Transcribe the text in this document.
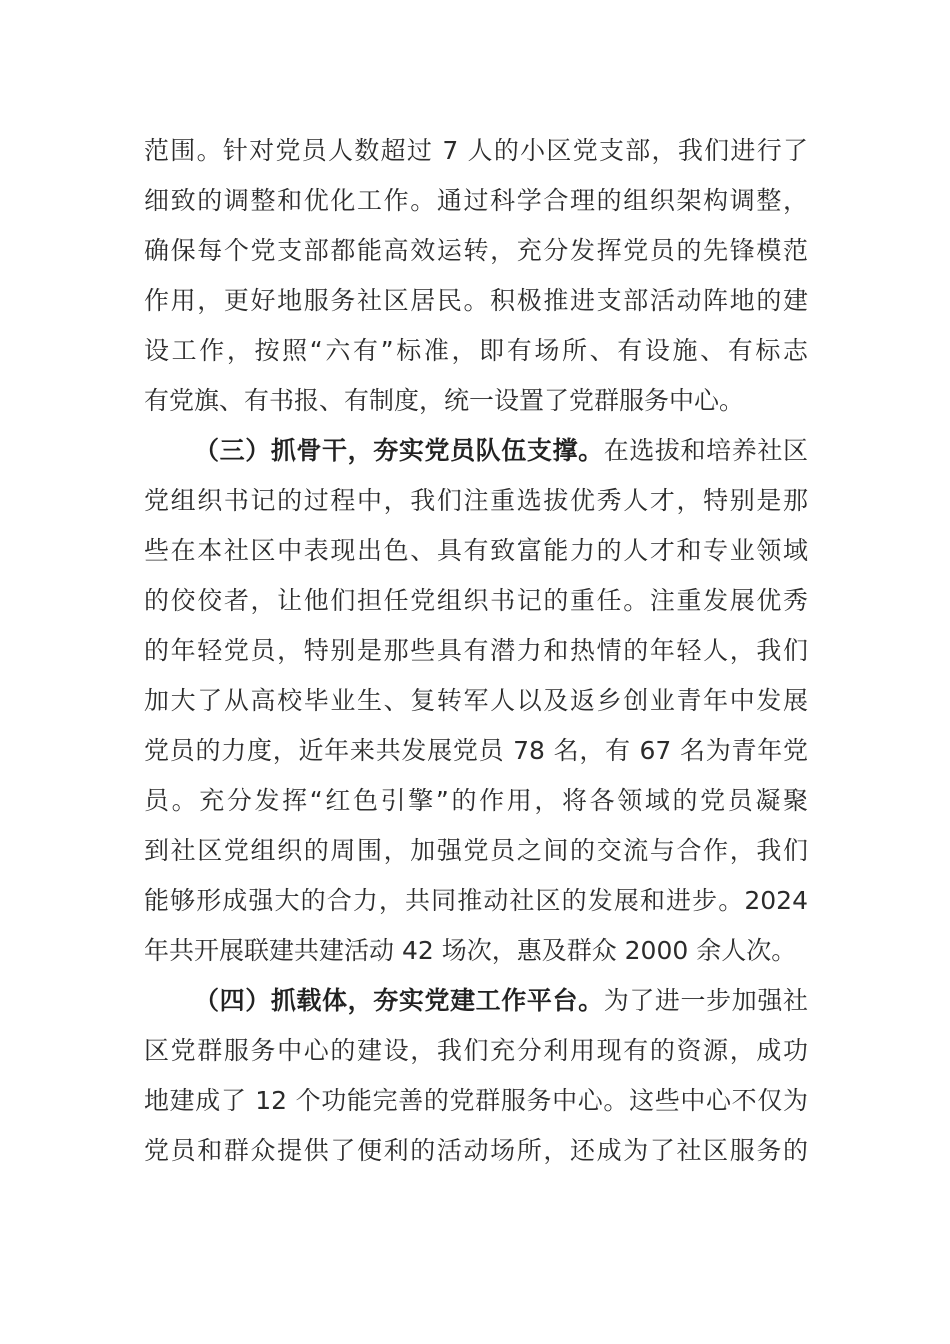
范围。针对党员人数超过 7 人的小区党支部，我们进行了
细致的调整和优化工作。通过科学合理的组织架构调整，
确保每个党支部都能高效运转，充分发挥党员的先锋模范
作用，更好地服务社区居民。积极推进支部活动阵地的建
设工作，按照“六有”标准，即有场所、有设施、有标志
有党旗、有书报、有制度，统一设置了党群服务中心。
（三）抓骨干，夯实党员队伍支撑。在选拔和培养社区
党组织书记的过程中，我们注重选拔优秀人才，特别是那
些在本社区中表现出色、具有致富能力的人才和专业领域
的佼佼者，让他们担任党组织书记的重任。注重发展优秀
的年轻党员，特别是那些具有潜力和热情的年轻人，我们
加大了从高校毕业生、复转军人以及返乡创业青年中发展
党员的力度，近年来共发展党员 78 名，有 67 名为青年党
员。充分发挥“红色引擎”的作用，将各领域的党员凝聚
到社区党组织的周围，加强党员之间的交流与合作，我们
能够形成强大的合力，共同推动社区的发展和进步。2024
年共开展联建共建活动 42 场次，惠及群众 2000 余人次。
（四）抓载体，夯实党建工作平台。为了进一步加强社
区党群服务中心的建设，我们充分利用现有的资源，成功
地建成了 12 个功能完善的党群服务中心。这些中心不仅为
党员和群众提供了便利的活动场所，还成为了社区服务的
